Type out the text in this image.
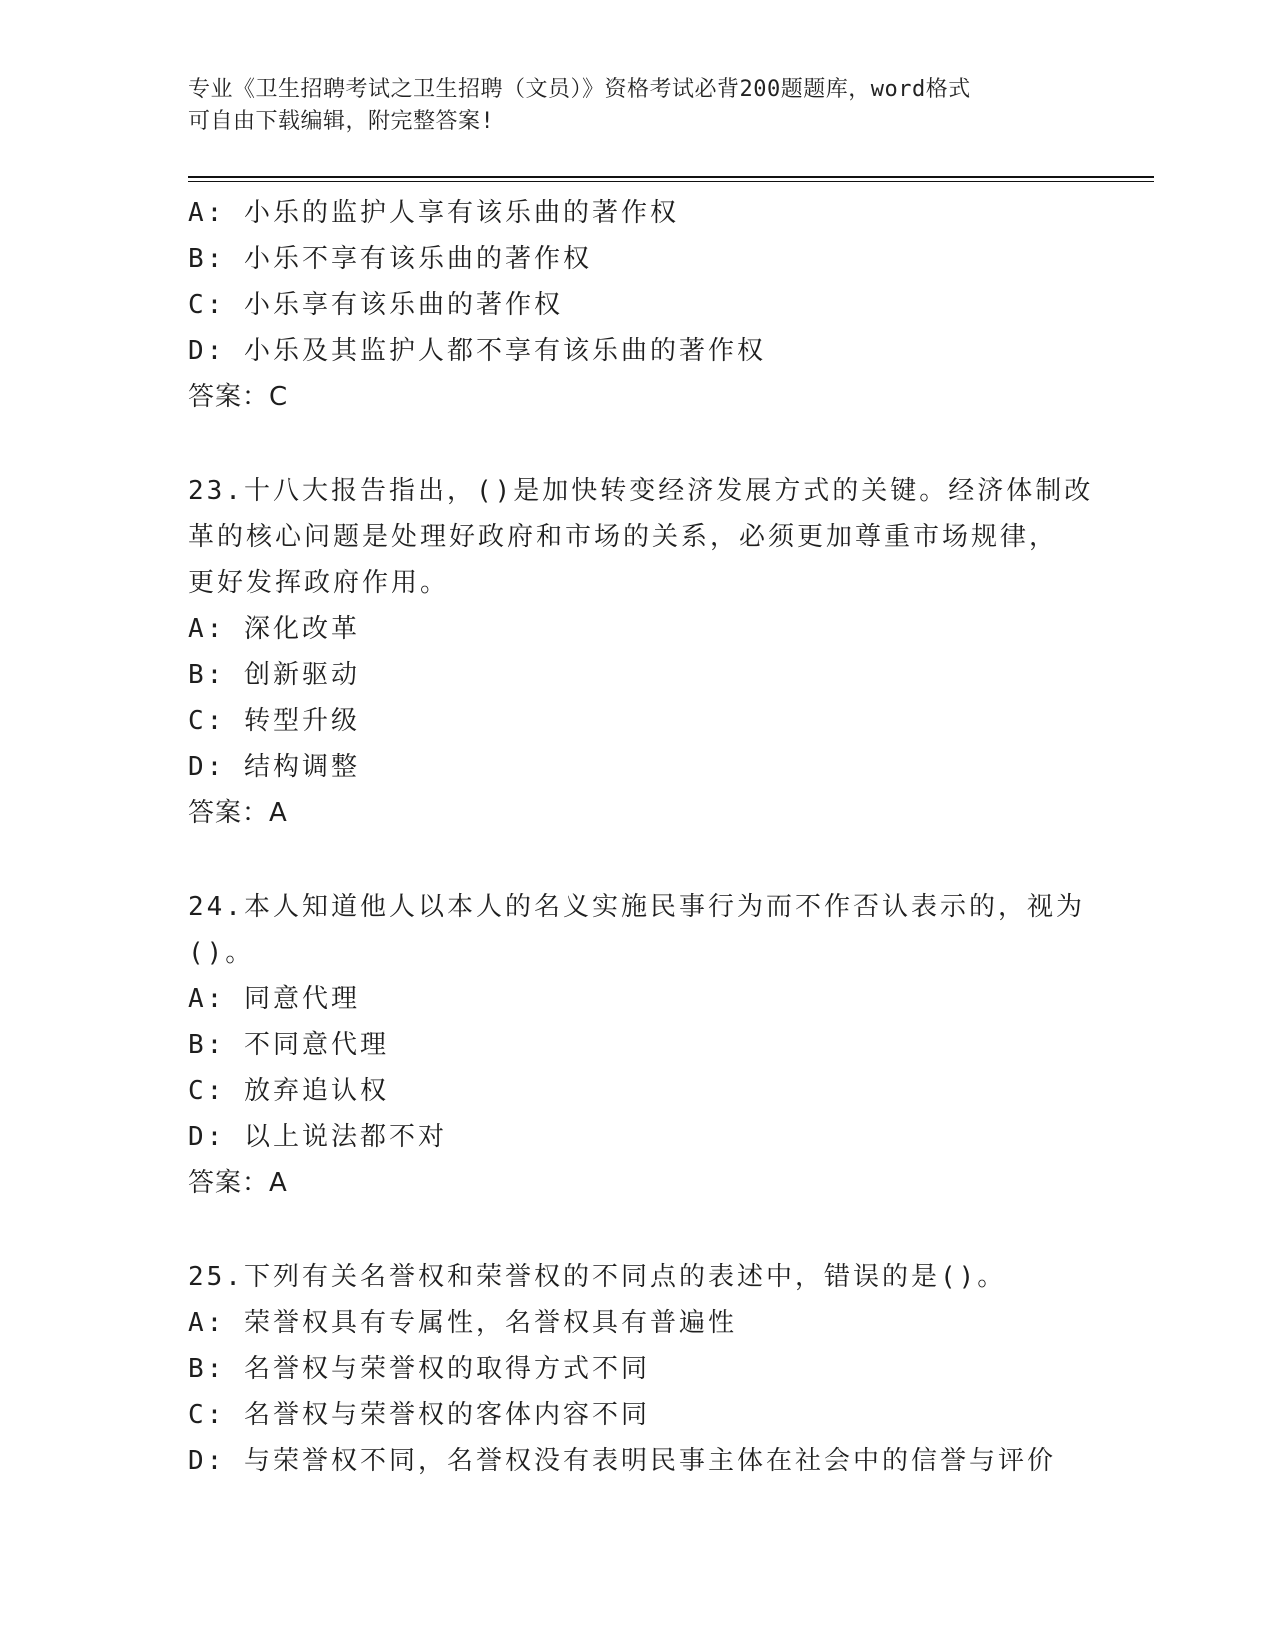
专业《卫生招聘考试之卫生招聘（文员）》资格考试必背200题题库，word格式
可自由下载编辑，附完整答案!
A: 小乐的监护人享有该乐曲的著作权
B: 小乐不享有该乐曲的著作权
C: 小乐享有该乐曲的著作权
D: 小乐及其监护人都不享有该乐曲的著作权
答案：C
23.十八大报告指出，()是加快转变经济发展方式的关键。经济体制改
革的核心问题是处理好政府和市场的关系，必须更加尊重市场规律，
更好发挥政府作用。
A: 深化改革
B: 创新驱动
C: 转型升级
D: 结构调整
答案：A
24.本人知道他人以本人的名义实施民事行为而不作否认表示的，视为
()。
A: 同意代理
B: 不同意代理
C: 放弃追认权
D: 以上说法都不对
答案：A
25.下列有关名誉权和荣誉权的不同点的表述中，错误的是()。
A: 荣誉权具有专属性，名誉权具有普遍性
B: 名誉权与荣誉权的取得方式不同
C: 名誉权与荣誉权的客体内容不同
D: 与荣誉权不同，名誉权没有表明民事主体在社会中的信誉与评价
